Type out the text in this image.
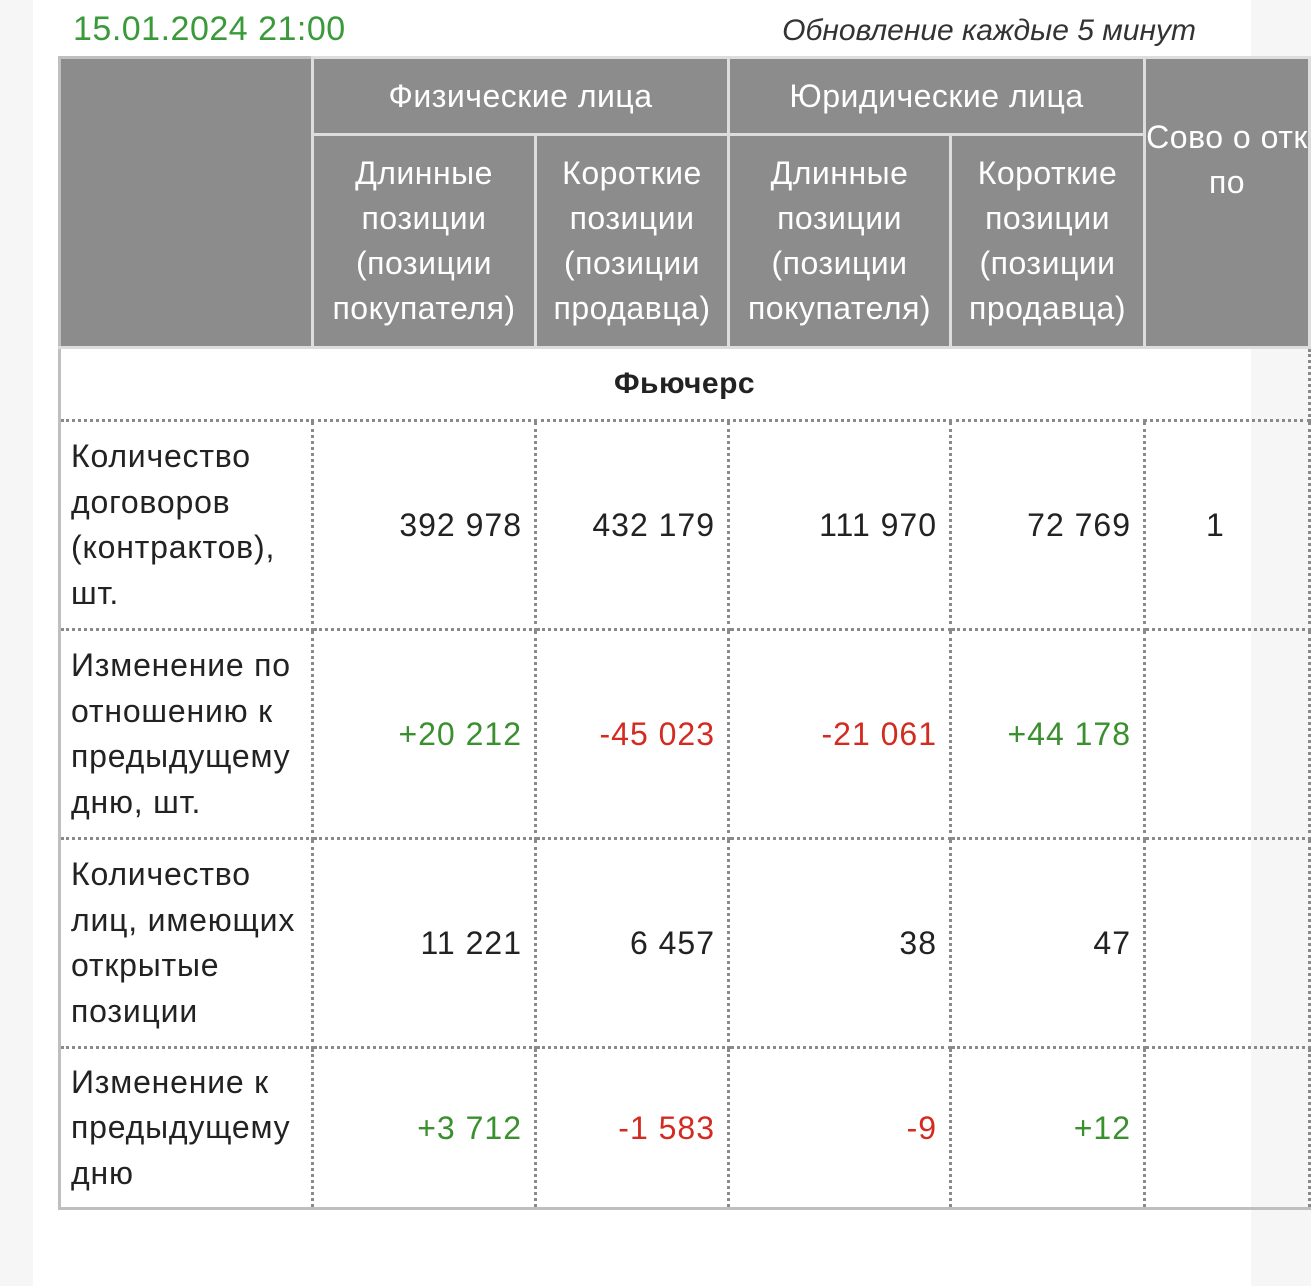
15.01.2024 21:00	Обновление каждые 5 минут
	Физические лица		Юридические лица		Сово о отк по
	Длинные позиции (позиции покупателя)	Короткие позиции (позиции продавца)	Длинные позиции (позиции покупателя)	Короткие позиции (позиции продавца)	
Фьючерс					
Количество договоров (контрактов), шт.	392 978	432 179	111 970	72 769	1
Изменение по отношению к предыдущему дню, шт.	+20 212	-45 023	-21 061	+44 178	
Количество лиц, имеющих открытые позиции	11 221	6 457	38	47	
Изменение к предыдущему дню	+3 712	-1 583	-9	+12	
